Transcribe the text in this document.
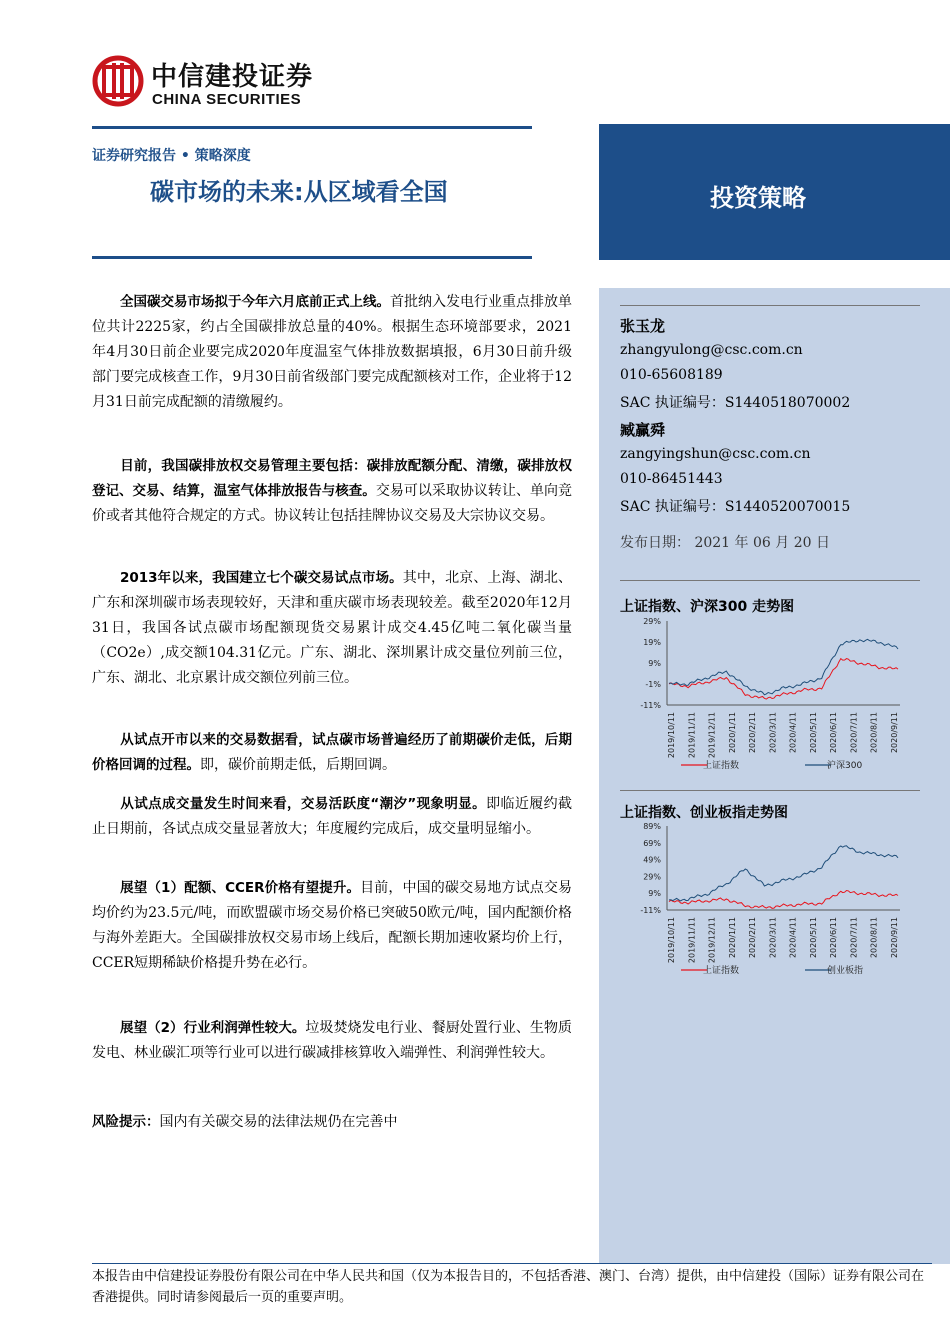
中信建投证券
CHINA SECURITIES
证券研究报告 • 策略深度
碳市场的未来:从区域看全国	投资策略
张玉龙
zhangyulong@csc.com.cn
010-65608189
SAC 执证编号：S1440518070002
臧赢舜
zangyingshun@csc.com.cn
010-86451443
SAC 执证编号：S1440520070015
发布日期： 2021 年 06 月 20 日
上证指数、沪深300 走势图
29%
19%
9%
-1%
-11%
2019/10/11 2019/11/11 2019/12/11 2020/1/11 2020/2/11 2020/3/11 2020/4/11 2020/5/11 2020/6/11 2020/7/11 2020/8/11 2020/9/11
上证指数	沪深300
上证指数、创业板指走势图
89%
69%
49%
29%
9%
-11%
2019/10/11 2019/11/11 2019/12/11 2020/1/11 2020/2/11 2020/3/11 2020/4/11 2020/5/11 2020/6/11 2020/7/11 2020/8/11 2020/9/11
上证指数	创业板指
全国碳交易市场拟于今年六月底前正式上线。首批纳入发电行业重点排放单位共计2225家，约占全国碳排放总量的40%。根据生态环境部要求，2021年4月30日前企业要完成2020年度温室气体排放数据填报，6月30日前升级部门要完成核查工作，9月30日前省级部门要完成配额核对工作，企业将于12月31日前完成配额的清缴履约。
目前，我国碳排放权交易管理主要包括：碳排放配额分配、清缴，碳排放权登记、交易、结算，温室气体排放报告与核查。交易可以采取协议转让、单向竞价或者其他符合规定的方式。协议转让包括挂牌协议交易及大宗协议交易。
2013年以来，我国建立七个碳交易试点市场。其中，北京、上海、湖北、广东和深圳碳市场表现较好，天津和重庆碳市场表现较差。截至2020年12月31日，我国各试点碳市场配额现货交易累计成交4.45亿吨二氧化碳当量（CO2e）,成交额104.31亿元。广东、湖北、深圳累计成交量位列前三位，广东、湖北、北京累计成交额位列前三位。
从试点开市以来的交易数据看，试点碳市场普遍经历了前期碳价走低，后期价格回调的过程。即，碳价前期走低，后期回调。
从试点成交量发生时间来看，交易活跃度“潮汐”现象明显。即临近履约截止日期前，各试点成交量显著放大；年度履约完成后，成交量明显缩小。
展望（1）配额、CCER价格有望提升。目前，中国的碳交易地方试点交易均价约为23.5元/吨，而欧盟碳市场交易价格已突破50欧元/吨，国内配额价格与海外差距大。全国碳排放权交易市场上线后，配额长期加速收紧均价上行，CCER短期稀缺价格提升势在必行。
展望（2）行业利润弹性较大。垃圾焚烧发电行业、餐厨处置行业、生物质发电、林业碳汇项等行业可以进行碳减排核算收入端弹性、利润弹性较大。
风险提示：国内有关碳交易的法律法规仍在完善中
本报告由中信建投证券股份有限公司在中华人民共和国（仅为本报告目的，不包括香港、澳门、台湾）提供，由中信建投（国际）证券有限公司在香港提供。同时请参阅最后一页的重要声明。
